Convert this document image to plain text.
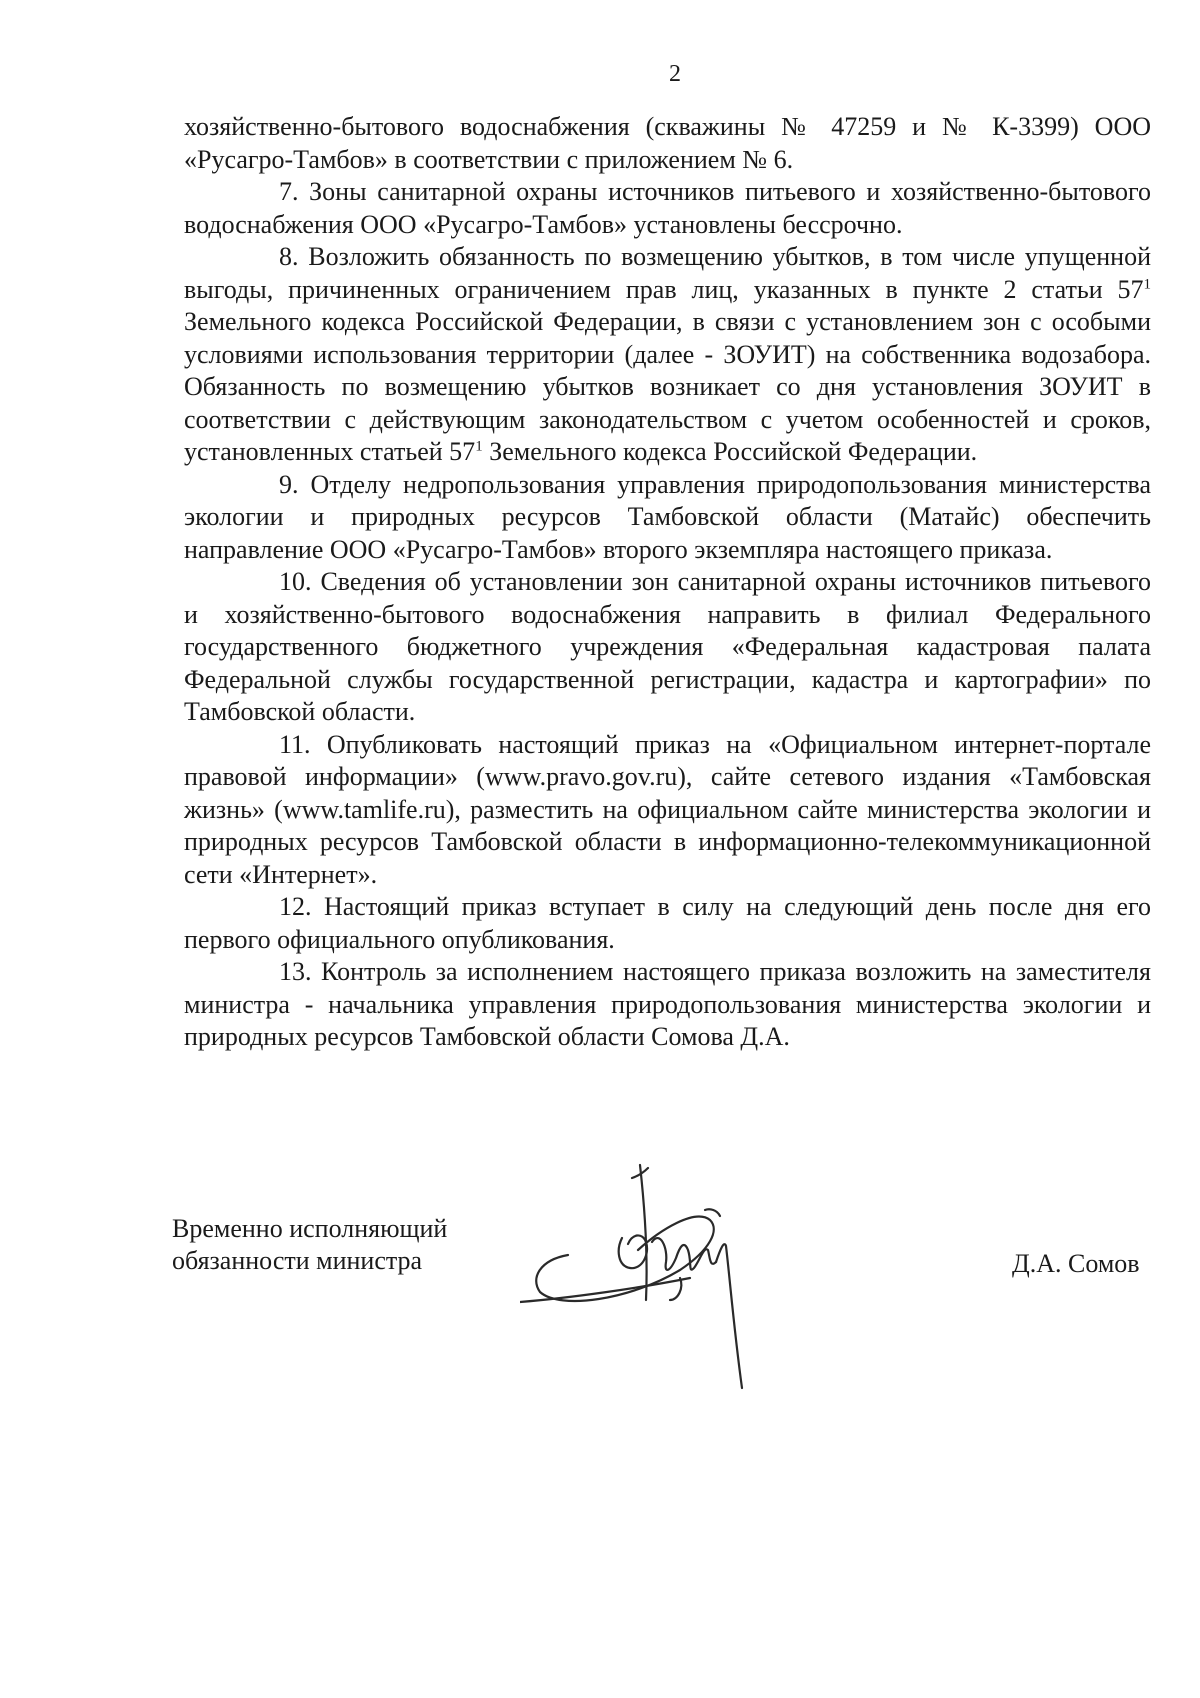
2

хозяйственно-бытового водоснабжения (скважины № 47259 и № К-3399) ООО «Русагро-Тамбов» в соответствии с приложением № 6.

7. Зоны санитарной охраны источников питьевого и хозяйственно-бытового водоснабжения ООО «Русагро-Тамбов» установлены бессрочно.

8. Возложить обязанность по возмещению убытков, в том числе упущенной выгоды, причиненных ограничением прав лиц, указанных в пункте 2 статьи $57^1$ Земельного кодекса Российской Федерации, в связи с установлением зон с особыми условиями использования территории (далее - ЗОУИТ) на собственника водозабора. Обязанность по возмещению убытков возникает со дня установления ЗОУИТ в соответствии с действующим законодательством с учетом особенностей и сроков, установленных статьей $57^1$ Земельного кодекса Российской Федерации.

9. Отделу недропользования управления природопользования министерства экологии и природных ресурсов Тамбовской области (Матайс) обеспечить направление ООО «Русагро-Тамбов» второго экземпляра настоящего приказа.

10. Сведения об установлении зон санитарной охраны источников питьевого и хозяйственно-бытового водоснабжения направить в филиал Федерального государственного бюджетного учреждения «Федеральная кадастровая палата Федеральной службы государственной регистрации, кадастра и картографии» по Тамбовской области.

11. Опубликовать настоящий приказ на «Официальном интернет-портале правовой информации» (www.pravo.gov.ru), сайте сетевого издания «Тамбовская жизнь» (www.tamlife.ru), разместить на официальном сайте министерства экологии и природных ресурсов Тамбовской области в информационно-телекоммуникационной сети «Интернет».

12. Настоящий приказ вступает в силу на следующий день после дня его первого официального опубликования.

13. Контроль за исполнением настоящего приказа возложить на заместителя министра - начальника управления природопользования министерства экологии и природных ресурсов Тамбовской области Сомова Д.А.

Временно исполняющий
обязанности министра	Д.А. Сомов
